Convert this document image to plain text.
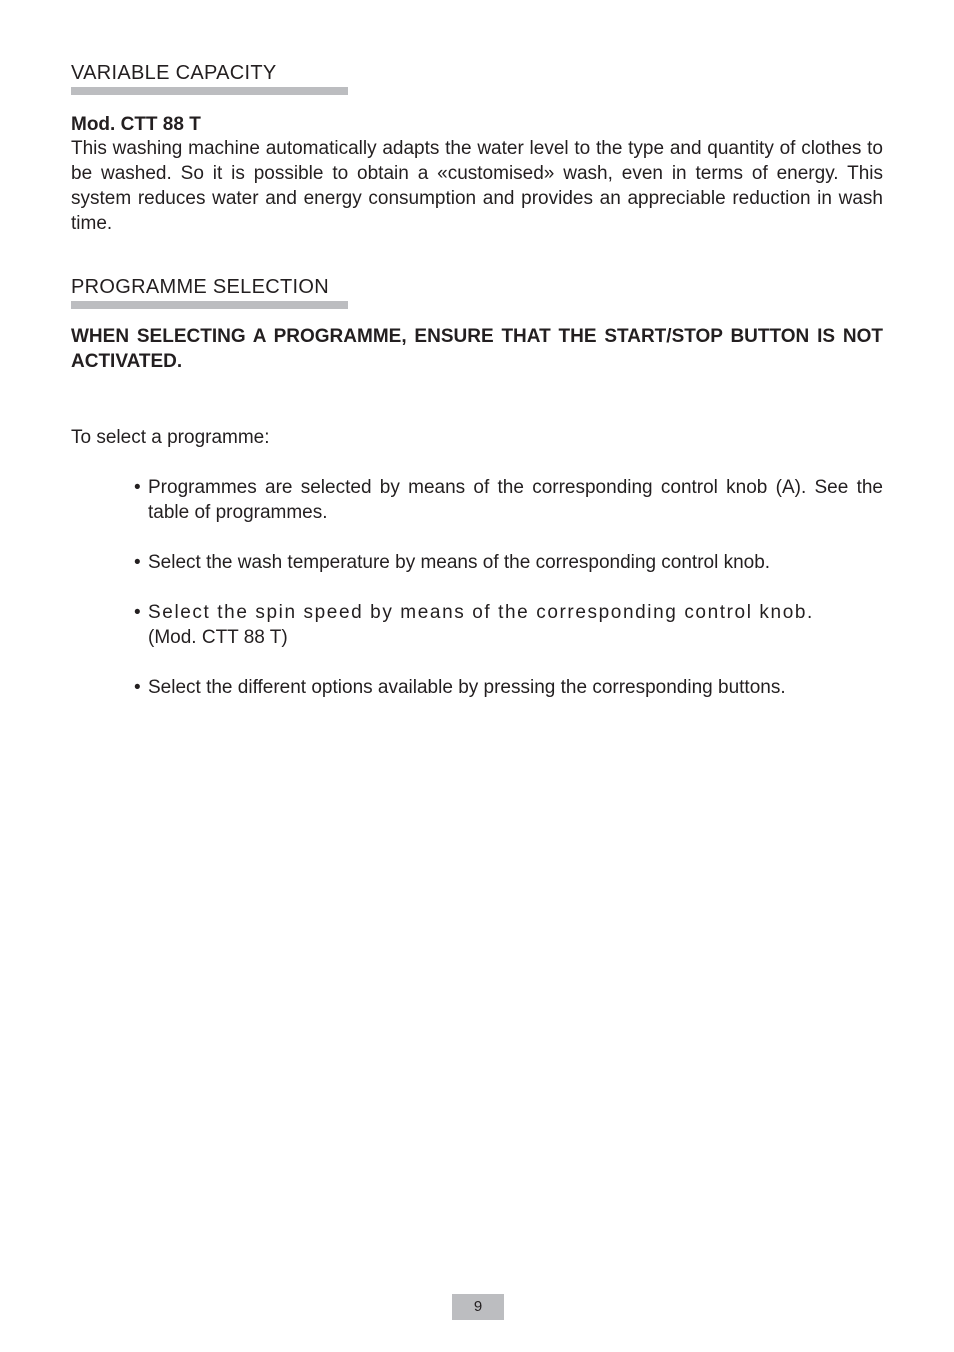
VARIABLE CAPACITY

Mod. CTT 88 T

This washing machine automatically adapts the water level to the type and quantity of clothes to be washed. So it is possible to obtain a «customised» wash, even in terms of energy. This system reduces water and energy consumption and provides an appreciable reduction in wash time.

PROGRAMME SELECTION

WHEN SELECTING A PROGRAMME, ENSURE THAT THE START/STOP BUTTON IS NOT ACTIVATED.

To select a programme:

• Programmes are selected by means of the corresponding control knob (A). See the table of programmes.
• Select the wash temperature by means of the corresponding control knob.
• Select the spin speed by means of the corresponding control knob.
(Mod. CTT 88 T)
• Select the different options available by pressing the corresponding buttons.
9
